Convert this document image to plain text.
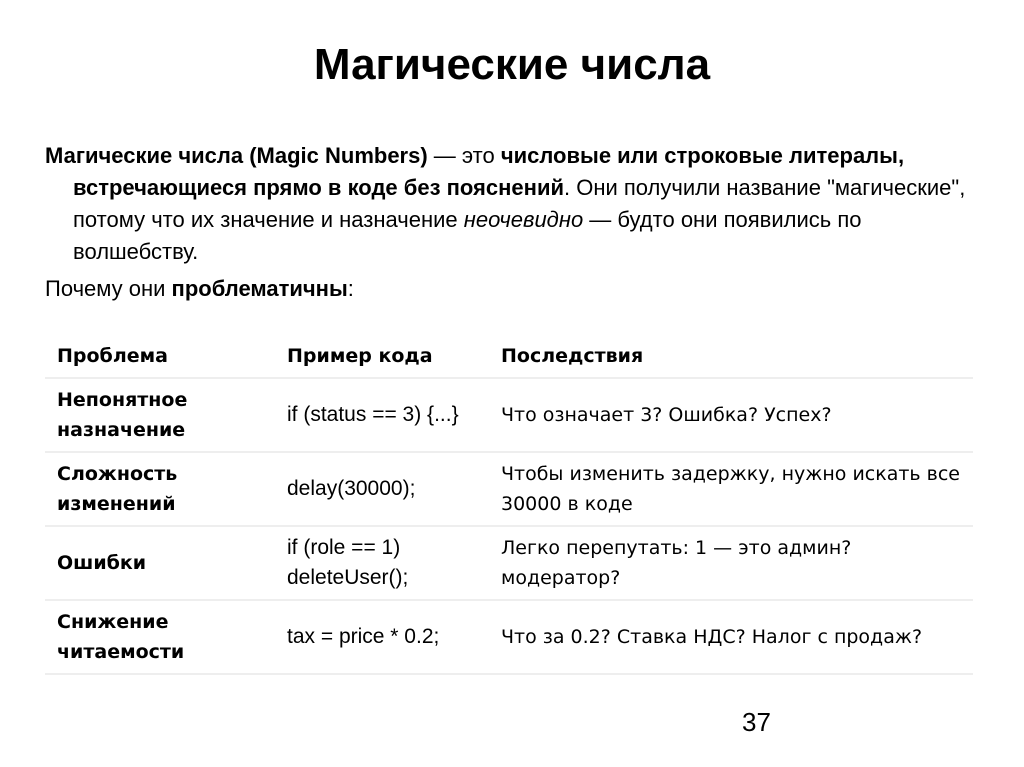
Магические числа

Магические числа (Magic Numbers) — это числовые или строковые литералы, встречающиеся прямо в коде без пояснений. Они получили название "магические", потому что их значение и назначение неочевидно — будто они появились по волшебству.

Почему они проблематичны:
Проблема	Пример кода	Последствия
Непонятное назначение	if (status == 3) {...}	Что означает 3? Ошибка? Успех?
Сложность изменений	delay(30000);	Чтобы изменить задержку, нужно искать все 30000 в коде
Ошибки	if (role == 1) deleteUser();	Легко перепутать: 1 — это админ? модератор?
Снижение читаемости	tax = price * 0.2;	Что за 0.2? Ставка НДС? Налог с продаж?
37
